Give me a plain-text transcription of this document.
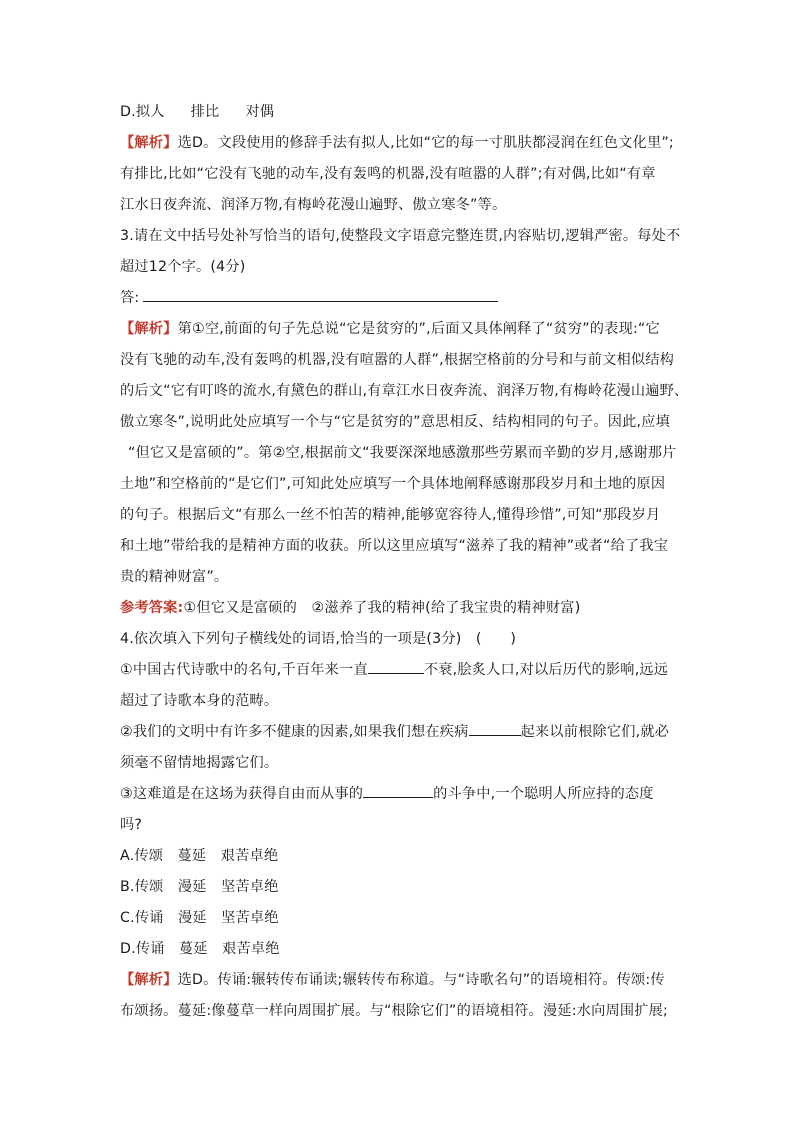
D.拟人 排比 对偶
【解析】选D。文段使用的修辞手法有拟人,比如“它的每一寸肌肤都浸润在红色文化里”;
有排比,比如“它没有飞驰的动车,没有轰鸣的机器,没有喧嚣的人群”;有对偶,比如“有章
江水日夜奔流、润泽万物,有梅岭花漫山遍野、傲立寒冬”等。
3.请在文中括号处补写恰当的语句,使整段文字语意完整连贯,内容贴切,逻辑严密。每处不
超过12个字。(4分)
答:
【解析】第①空,前面的句子先总说“它是贫穷的”,后面又具体阐释了“贫穷”的表现:“它
没有飞驰的动车,没有轰鸣的机器,没有喧嚣的人群”,根据空格前的分号和与前文相似结构
的后文“它有叮咚的流水,有黛色的群山,有章江水日夜奔流、润泽万物,有梅岭花漫山遍野、
傲立寒冬”,说明此处应填写一个与“它是贫穷的”意思相反、结构相同的句子。因此,应填
“但它又是富硕的”。第②空,根据前文“我要深深地感激那些劳累而辛勤的岁月,感谢那片
土地”和空格前的“是它们”,可知此处应填写一个具体地阐释感谢那段岁月和土地的原因
的句子。根据后文“有那么一丝不怕苦的精神,能够宽容待人,懂得珍惜”,可知“那段岁月
和土地”带给我的是精神方面的收获。所以这里应填写“滋养了我的精神”或者“给了我宝
贵的精神财富”。
参考答案:①但它又是富硕的　②滋养了我的精神(给了我宝贵的精神财富)
4.依次填入下列句子横线处的词语,恰当的一项是(3分)　(　　)
①中国古代诗歌中的名句,千百年来一直	不衰,脍炙人口,对以后历代的影响,远远
超过了诗歌本身的范畴。
②我们的文明中有许多不健康的因素,如果我们想在疾病	起来以前根除它们,就必
须毫不留情地揭露它们。
③这难道是在这场为获得自由而从事的	的斗争中,一个聪明人所应持的态度
吗?
A.传颂　蔓延　艰苦卓绝
B.传颂　漫延　坚苦卓绝
C.传诵　漫延　坚苦卓绝
D.传诵　蔓延　艰苦卓绝
【解析】选D。传诵:辗转传布诵读;辗转传布称道。与“诗歌名句”的语境相符。传颂:传
布颂扬。蔓延:像蔓草一样向周围扩展。与“根除它们”的语境相符。漫延:水向周围扩展;
